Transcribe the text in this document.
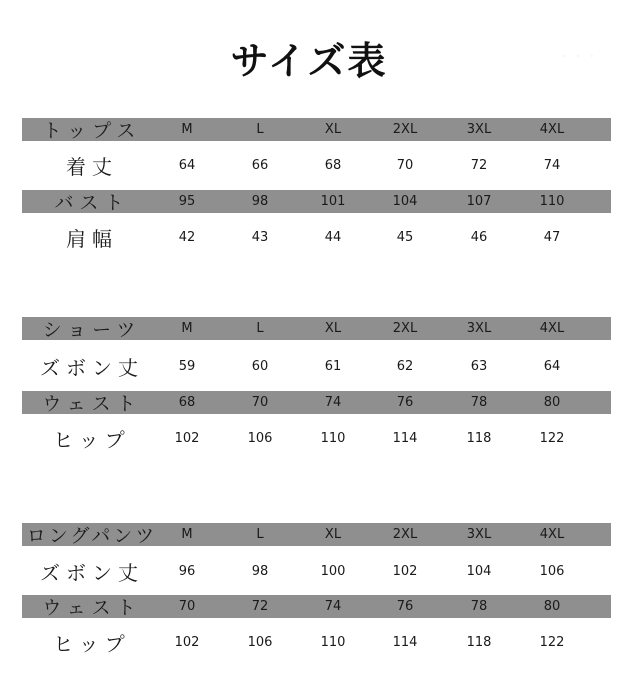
サイズ表	· · ·
トップス	M	L	XL	2XL	3XL	4XL
着丈	64	66	68	70	72	74
バスト	95	98	101	104	107	110
肩幅	42	43	44	45	46	47
ショーツ	M	L	XL	2XL	3XL	4XL
ズボン丈	59	60	61	62	63	64
ウェスト	68	70	74	76	78	80
ヒップ	102	106	110	114	118	122
ロングパンツ	M	L	XL	2XL	3XL	4XL
ズボン丈	96	98	100	102	104	106
ウェスト	70	72	74	76	78	80
ヒップ	102	106	110	114	118	122
